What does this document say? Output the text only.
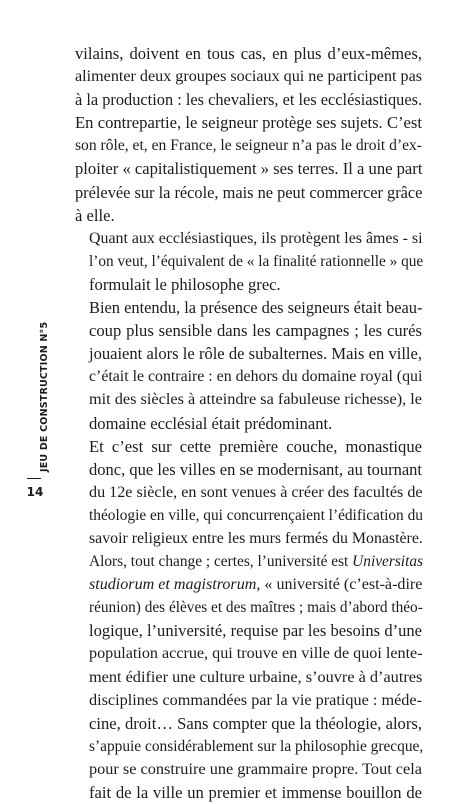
vilains, doivent en tous cas, en plus d’eux-mêmes,
alimenter deux groupes sociaux qui ne participent pas
à la production : les chevaliers, et les ecclésiastiques.
En contrepartie, le seigneur protège ses sujets. C’est
son rôle, et, en France, le seigneur n’a pas le droit d’ex-
ploiter « capitalistiquement » ses terres. Il a une part
prélevée sur la récole, mais ne peut commercer grâce
à elle.

Quant aux ecclésiastiques, ils protègent les âmes - si
l’on veut, l’équivalent de « la finalité rationnelle » que
formulait le philosophe grec.

Bien entendu, la présence des seigneurs était beau-
coup plus sensible dans les campagnes ; les curés
jouaient alors le rôle de subalternes. Mais en ville,
c’était le contraire : en dehors du domaine royal (qui
mit des siècles à atteindre sa fabuleuse richesse), le
domaine ecclésial était prédominant.

Et c’est sur cette première couche, monastique
donc, que les villes en se modernisant, au tournant
du 12e siècle, en sont venues à créer des facultés de
théologie en ville, qui concurrençaient l’édification du
savoir religieux entre les murs fermés du Monastère.

Alors, tout change ; certes, l’université est Universitas
studiorum et magistrorum, « université (c’est-à-dire
réunion) des élèves et des maîtres ; mais d’abord théo-
logique, l’université, requise par les besoins d’une
population accrue, qui trouve en ville de quoi lente-
ment édifier une culture urbaine, s’ouvre à d’autres
disciplines commandées par la vie pratique : méde-
cine, droit… Sans compter que la théologie, alors,
s’appuie considérablement sur la philosophie grecque,
pour se construire une grammaire propre. Tout cela
fait de la ville un premier et immense bouillon de

JEU DE CONSTRUCTION N°5
14
